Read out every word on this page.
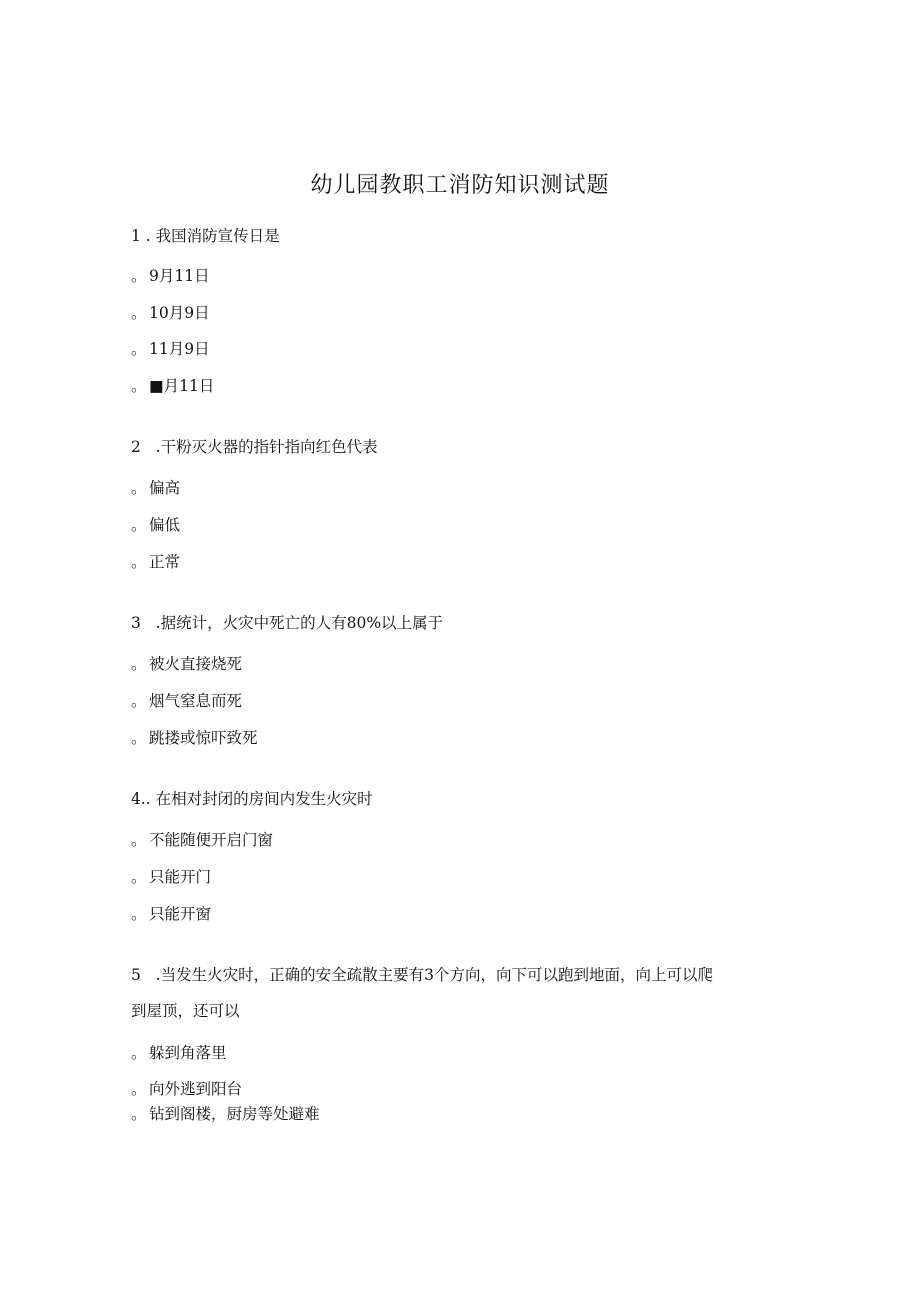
幼儿园教职工消防知识测试题
1 . 我国消防宣传日是
。 9月11日
。 10月9日
。 11月9日
。 ■月11日
2   .干粉灭火器的指针指向红色代表
。 偏高
。 偏低
。 正常
3   .据统计，火灾中死亡的人有80%以上属于
。 被火直接烧死
。 烟气窒息而死
。 跳搂或惊吓致死
4.. 在相对封闭的房间内发生火灾时
。 不能随便开启门窗
。 只能开门
。 只能开窗
5   .当发生火灾时，正确的安全疏散主要有3个方向，向下可以跑到地面，向上可以爬
到屋顶，还可以
。 躲到角落里
。 向外逃到阳台
。 钻到阁楼，厨房等处避难
